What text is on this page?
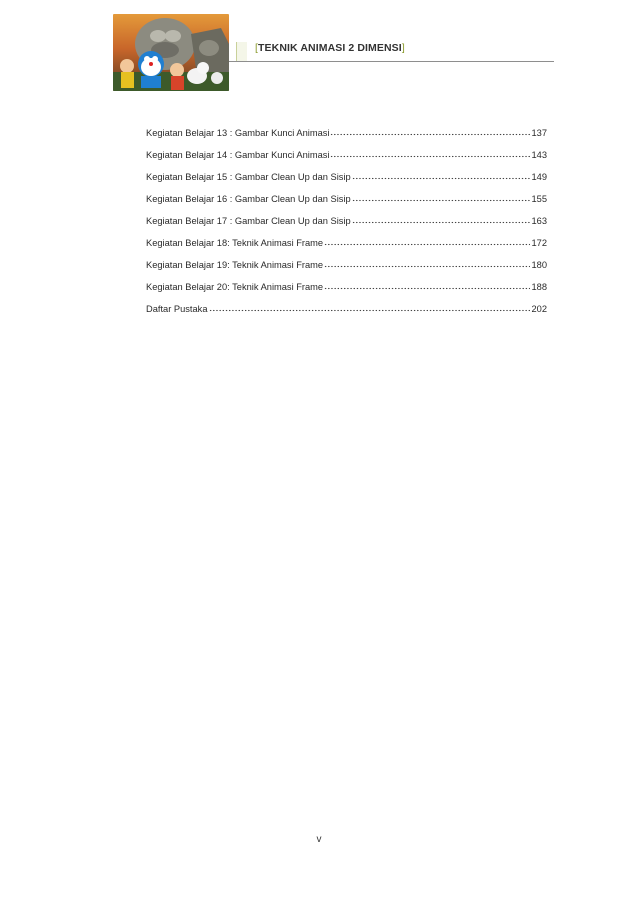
[TEKNIK ANIMASI 2 DIMENSI]
Kegiatan Belajar 13 : Gambar Kunci Animasi	137
Kegiatan Belajar 14 : Gambar Kunci Animasi	143
Kegiatan Belajar 15 : Gambar Clean Up dan Sisip	149
Kegiatan Belajar 16 : Gambar Clean Up dan Sisip	155
Kegiatan Belajar 17 : Gambar Clean Up dan Sisip	163
Kegiatan Belajar 18: Teknik Animasi Frame	172
Kegiatan Belajar 19: Teknik Animasi Frame	180
Kegiatan Belajar 20: Teknik Animasi Frame	188
Daftar Pustaka	202
v
